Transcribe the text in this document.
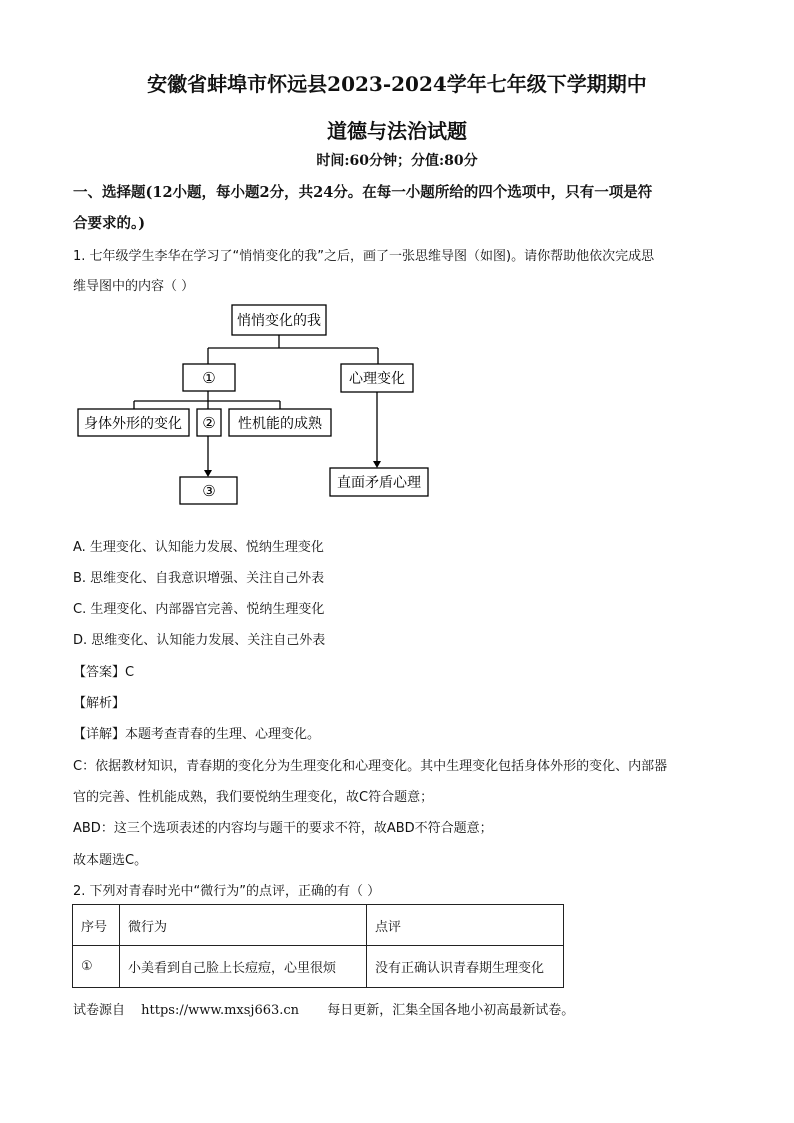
安徽省蚌埠市怀远县2023-2024学年七年级下学期期中
道德与法治试题
时间:60分钟；分值:80分
一、选择题(12小题，每小题2分，共24分。在每一小题所给的四个选项中，只有一项是符
合要求的。)
1. 七年级学生李华在学习了“悄悄变化的我”之后，画了一张思维导图（如图)。请你帮助他依次完成思
维导图中的内容（ ）
悄悄变化的我
①	心理变化
身体外形的变化 ② 性机能的成熟
③	直面矛盾心理
A. 生理变化、认知能力发展、悦纳生理变化
B. 思维变化、自我意识增强、关注自己外表
C. 生理变化、内部器官完善、悦纳生理变化
D. 思维变化、认知能力发展、关注自己外表
【答案】C
【解析】
【详解】本题考查青春的生理、心理变化。
C：依据教材知识，青春期的变化分为生理变化和心理变化。其中生理变化包括身体外形的变化、内部器
官的完善、性机能成熟，我们要悦纳生理变化，故C符合题意；
ABD：这三个选项表述的内容均与题干的要求不符，故ABD不符合题意；
故本题选C。
2. 下列对青春时光中“微行为”的点评，正确的有（ ）
序号	微行为	点评
①	小美看到自己脸上长痘痘，心里很烦	没有正确认识青春期生理变化
试卷源自 https://www.mxsj663.cn 每日更新，汇集全国各地小初高最新试卷。
